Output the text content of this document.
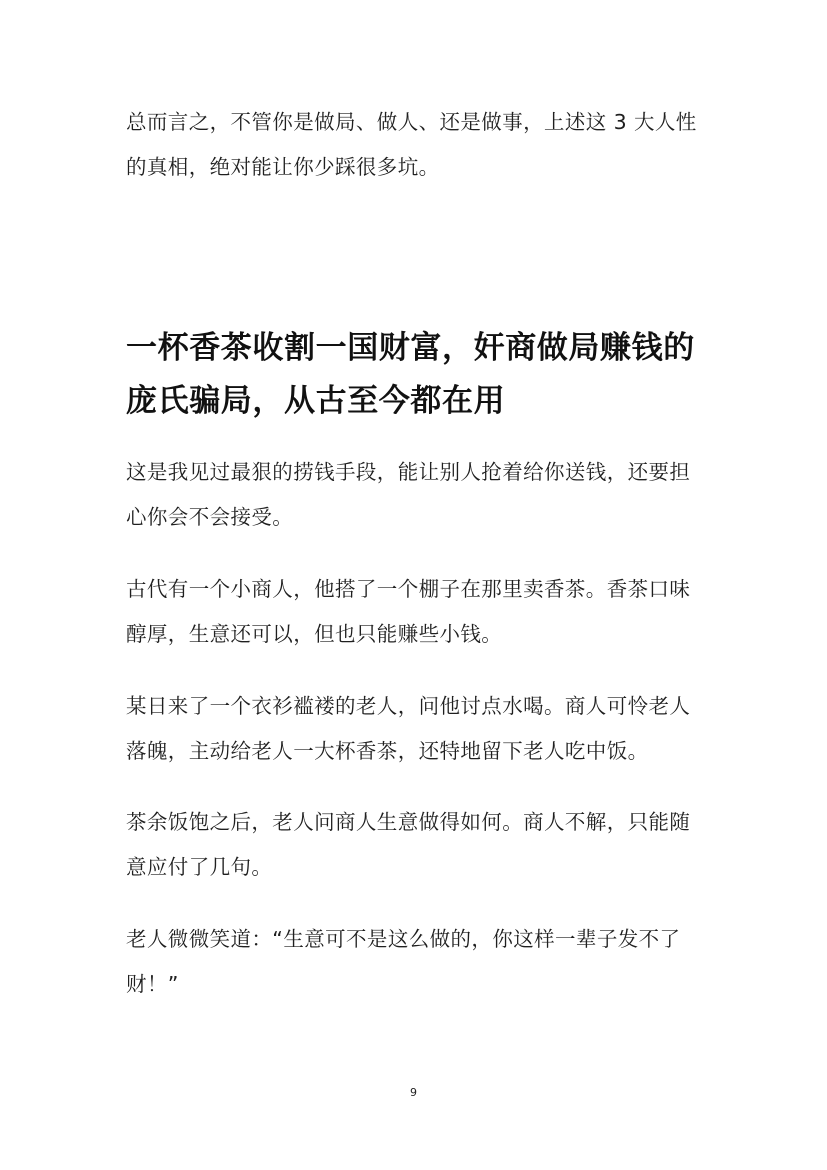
总而言之，不管你是做局、做人、还是做事，上述这 3 大人性的真相，绝对能让你少踩很多坑。

一杯香茶收割一国财富，奸商做局赚钱的庞氏骗局，从古至今都在用

这是我见过最狠的捞钱手段，能让别人抢着给你送钱，还要担心你会不会接受。

古代有一个小商人，他搭了一个棚子在那里卖香茶。香茶口味醇厚，生意还可以，但也只能赚些小钱。

某日来了一个衣衫褴褛的老人，问他讨点水喝。商人可怜老人落魄，主动给老人一大杯香茶，还特地留下老人吃中饭。

茶余饭饱之后，老人问商人生意做得如何。商人不解，只能随意应付了几句。

老人微微笑道：“生意可不是这么做的，你这样一辈子发不了财！”

9
